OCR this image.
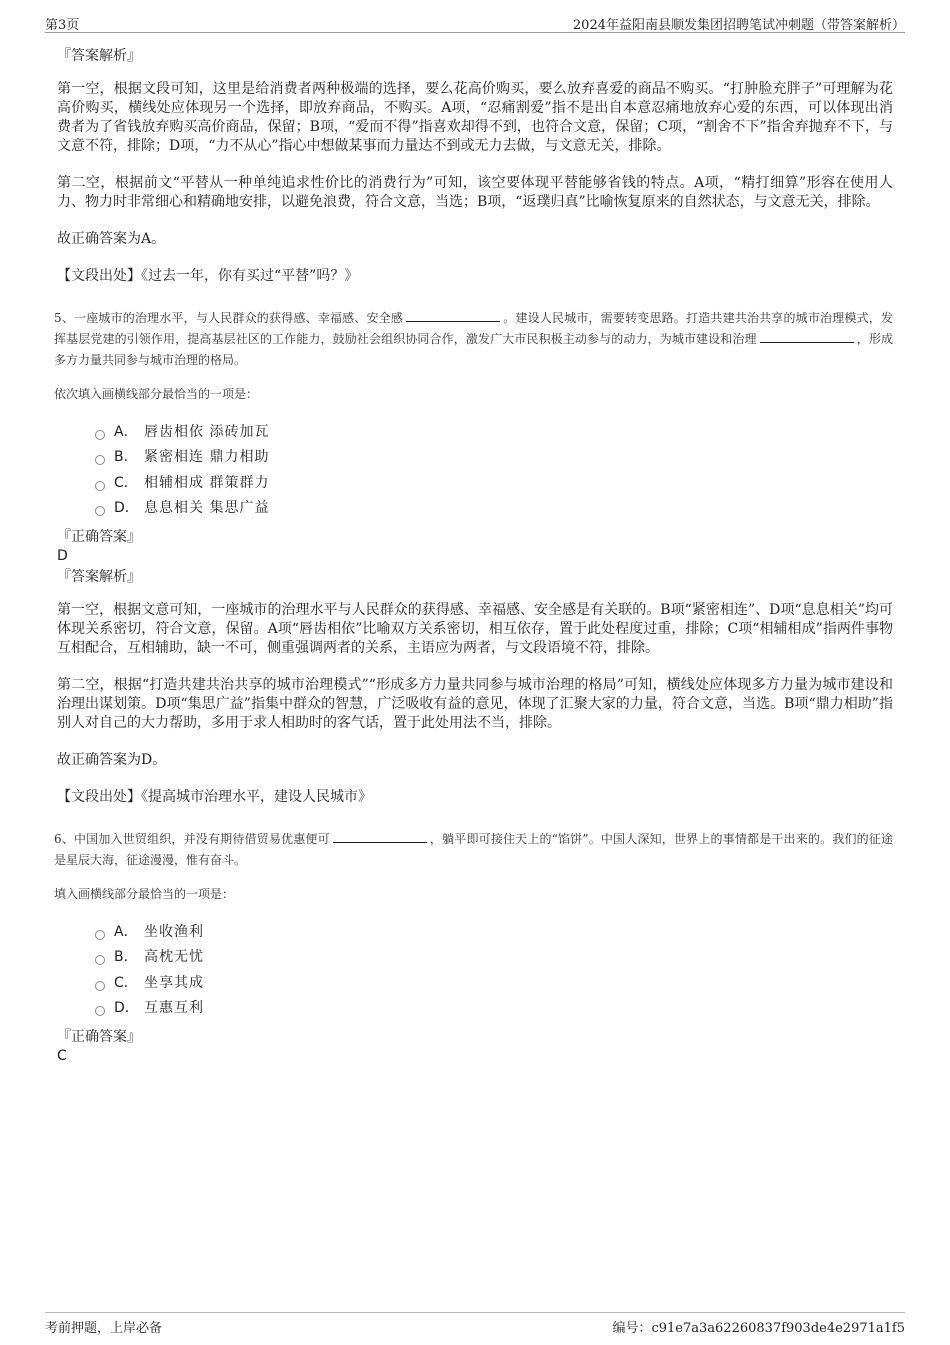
第3页	2024年益阳南县顺发集团招聘笔试冲刺题（带答案解析）

『答案解析』

第一空，根据文段可知，这里是给消费者两种极端的选择，要么花高价购买，要么放弃喜爱的商品不购买。“打肿脸充胖子”可理解为花高价购买，横线处应体现另一个选择，即放弃商品，不购买。A项，“忍痛割爱”指不是出自本意忍痛地放弃心爱的东西，可以体现出消费者为了省钱放弃购买高价商品，保留；B项，“爱而不得”指喜欢却得不到，也符合文意，保留；C项，“割舍不下”指舍弃抛弃不下，与文意不符，排除；D项，“力不从心”指心中想做某事而力量达不到或无力去做，与文意无关，排除。

第二空，根据前文“平替从一种单纯追求性价比的消费行为”可知，该空要体现平替能够省钱的特点。A项，“精打细算”形容在使用人力、物力时非常细心和精确地安排，以避免浪费，符合文意，当选；B项，“返璞归真”比喻恢复原来的自然状态，与文意无关，排除。

故正确答案为A。

【文段出处】《过去一年，你有买过“平替”吗？》

5、一座城市的治理水平，与人民群众的获得感、幸福感、安全感	。建设人民城市，需要转变思路。打造共建共治共享的城市治理模式，发挥基层党建的引领作用，提高基层社区的工作能力，鼓励社会组织协同合作，激发广大市民积极主动参与的动力，为城市建设和治理	，形成多方力量共同参与城市治理的格局。

依次填入画横线部分最恰当的一项是：

A． 唇齿相依 添砖加瓦
B． 紧密相连 鼎力相助
C． 相辅相成 群策群力
D． 息息相关 集思广益

『正确答案』

D

『答案解析』

第一空，根据文意可知，一座城市的治理水平与人民群众的获得感、幸福感、安全感是有关联的。B项“紧密相连”、D项“息息相关”均可体现关系密切，符合文意，保留。A项“唇齿相依”比喻双方关系密切，相互依存，置于此处程度过重，排除；C项“相辅相成”指两件事物互相配合，互相辅助，缺一不可，侧重强调两者的关系，主语应为两者，与文段语境不符，排除。

第二空，根据“打造共建共治共享的城市治理模式”“形成多方力量共同参与城市治理的格局”可知，横线处应体现多方力量为城市建设和治理出谋划策。D项“集思广益”指集中群众的智慧，广泛吸收有益的意见，体现了汇聚大家的力量，符合文意，当选。B项“鼎力相助”指别人对自己的大力帮助，多用于求人相助时的客气话，置于此处用法不当，排除。

故正确答案为D。

【文段出处】《提高城市治理水平，建设人民城市》

6、中国加入世贸组织，并没有期待借贸易优惠便可	，躺平即可接住天上的“馅饼”。中国人深知，世界上的事情都是干出来的。我们的征途是星辰大海，征途漫漫，惟有奋斗。

填入画横线部分最恰当的一项是：

A． 坐收渔利
B． 高枕无忧
C． 坐享其成
D． 互惠互利

『正确答案』

C

考前押题，上岸必备	编号：c91e7a3a62260837f903de4e2971a1f5
